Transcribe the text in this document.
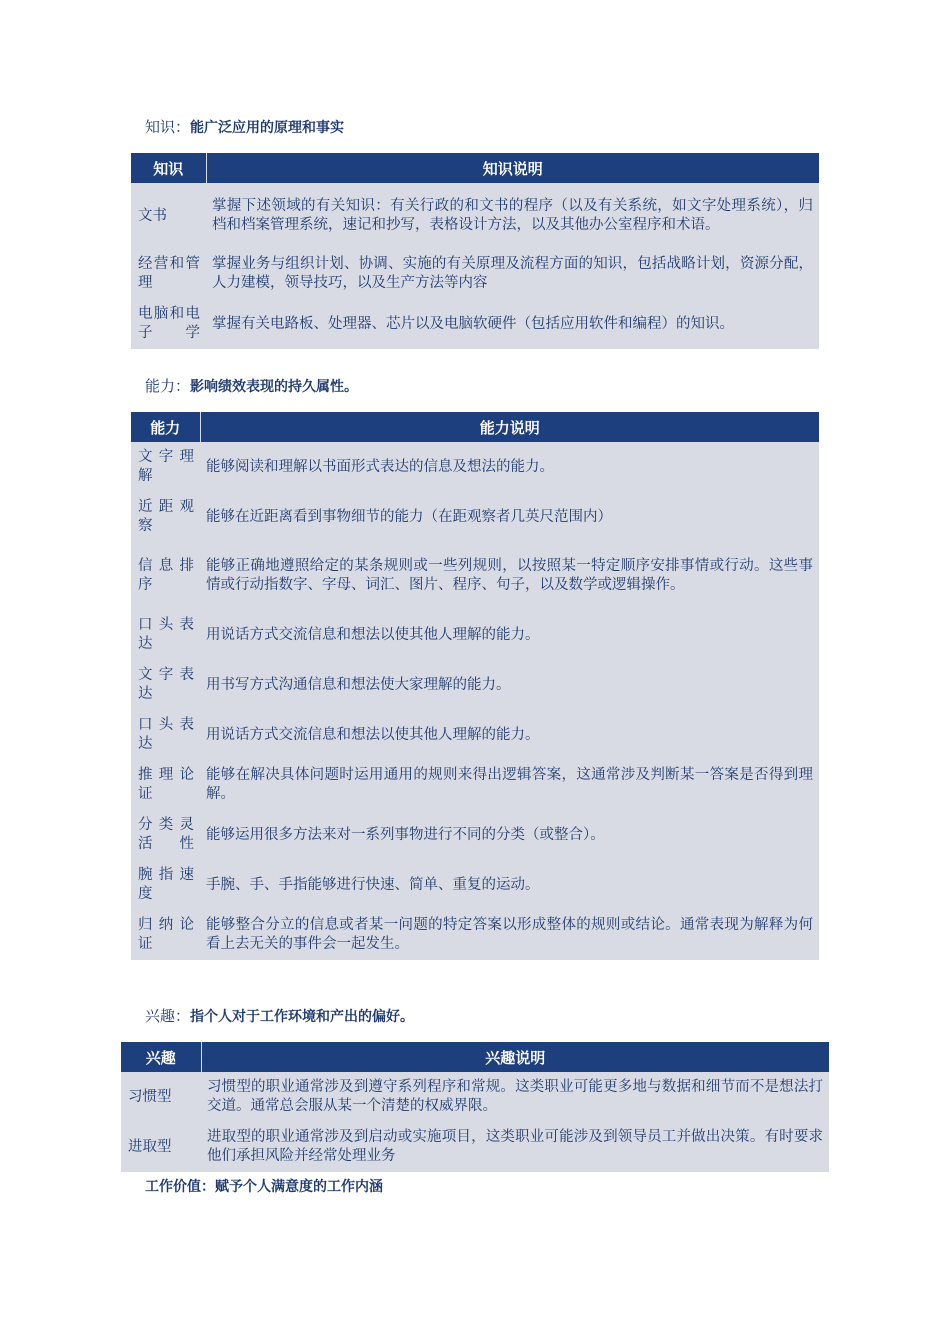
知识：能广泛应用的原理和事实
知识	知识说明
文书	掌握下述领域的有关知识：有关行政的和文书的程序（以及有关系统，如文字处理系统），归档和档案管理系统，速记和抄写，表格设计方法，以及其他办公室程序和术语。
经营和管理	掌握业务与组织计划、协调、实施的有关原理及流程方面的知识，包括战略计划，资源分配，人力建模，领导技巧，以及生产方法等内容
电脑和电子学	掌握有关电路板、处理器、芯片以及电脑软硬件（包括应用软件和编程）的知识。
能力：影响绩效表现的持久属性。
能力	能力说明
文字理解	能够阅读和理解以书面形式表达的信息及想法的能力。
近距观察	能够在近距离看到事物细节的能力（在距观察者几英尺范围内）
信息排序	能够正确地遵照给定的某条规则或一些列规则，以按照某一特定顺序安排事情或行动。这些事情或行动指数字、字母、词汇、图片、程序、句子，以及数学或逻辑操作。
口头表达	用说话方式交流信息和想法以使其他人理解的能力。
文字表达	用书写方式沟通信息和想法使大家理解的能力。
口头表达	用说话方式交流信息和想法以使其他人理解的能力。
推理论证	能够在解决具体问题时运用通用的规则来得出逻辑答案，这通常涉及判断某一答案是否得到理解。
分类灵活性	能够运用很多方法来对一系列事物进行不同的分类（或整合）。
腕指速度	手腕、手、手指能够进行快速、简单、重复的运动。
归纳论证	能够整合分立的信息或者某一问题的特定答案以形成整体的规则或结论。通常表现为解释为何看上去无关的事件会一起发生。
兴趣：指个人对于工作环境和产出的偏好。
兴趣	兴趣说明
习惯型	习惯型的职业通常涉及到遵守系列程序和常规。这类职业可能更多地与数据和细节而不是想法打交道。通常总会服从某一个清楚的权威界限。
进取型	进取型的职业通常涉及到启动或实施项目，这类职业可能涉及到领导员工并做出决策。有时要求他们承担风险并经常处理业务
工作价值：赋予个人满意度的工作内涵
